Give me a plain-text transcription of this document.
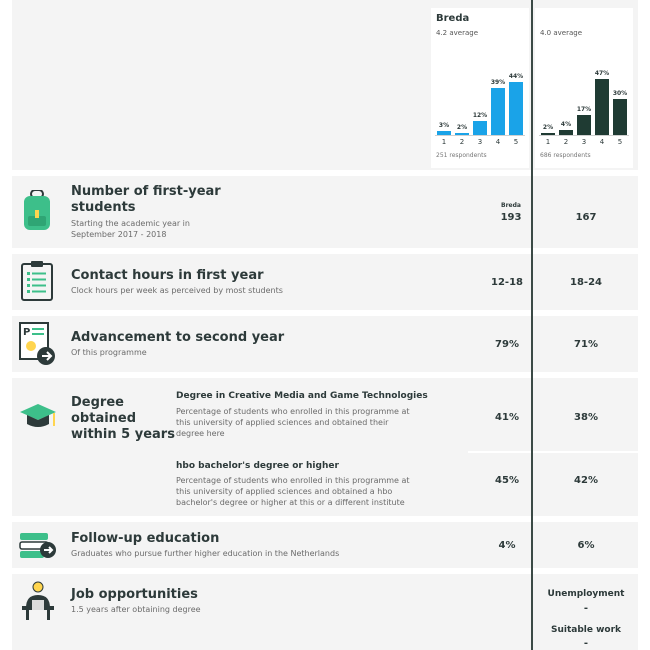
Breda
4.2 average
251 respondents
3%
1
2%
2
12%
3
39%
4
44%
5
4.0 average
686 respondents
2%
1
4%
2
17%
3
47%
4
30%
5
Number of first-year
students
Starting the academic year in
September 2017 - 2018
Breda
193	167
Contact hours in first year
Clock hours per week as perceived by most students
12-18	18-24
P	Advancement to second year
Of this programme
79%	71%
Degree
obtained
within 5 years
Degree in Creative Media and Game Technologies
Percentage of students who enrolled in this programme at
this university of applied sciences and obtained their
degree here
41%	38%
hbo bachelor's degree or higher
Percentage of students who enrolled in this programme at
this university of applied sciences and obtained a hbo
bachelor's degree or higher at this or a different institute
45%	42%
Follow-up education
Graduates who pursue further higher education in the Netherlands
4%	6%
Job opportunities
1.5 years after obtaining degree
Unemployment
-
Suitable work
-
